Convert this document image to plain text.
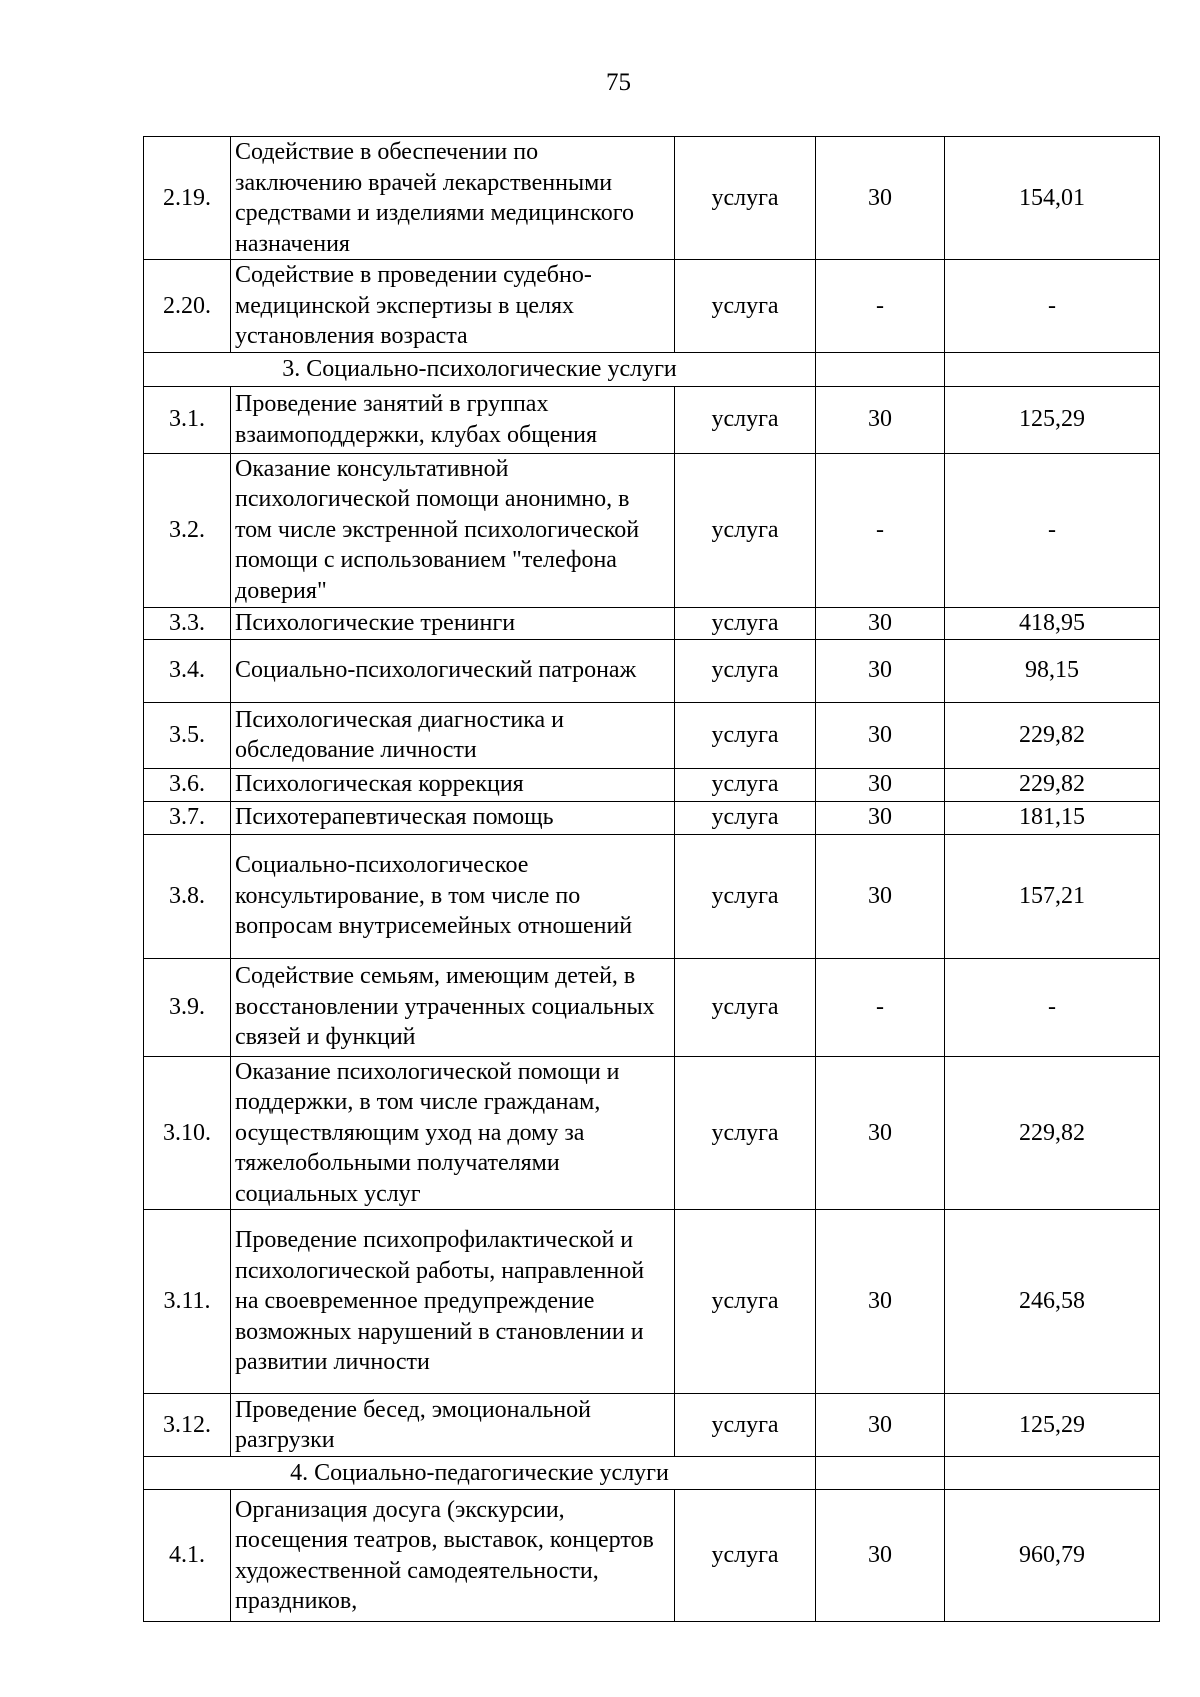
75
2.19.	Содействие в обеспечении по заключению врачей лекарственными средствами и изделиями медицинского назначения	услуга	30	154,01
2.20.	Содействие в проведении судебно-медицинской экспертизы в целях установления возраста	услуга	-	-
3. Социально-психологические услуги				
3.1.	Проведение занятий в группах взаимоподдержки, клубах общения	услуга	30	125,29
3.2.	Оказание консультативной психологической помощи анонимно, в том числе экстренной психологической помощи с использованием "телефона доверия"	услуга	-	-
3.3.	Психологические тренинги	услуга	30	418,95
3.4.	Социально-психологический патронаж	услуга	30	98,15
3.5.	Психологическая диагностика и обследование личности	услуга	30	229,82
3.6.	Психологическая коррекция	услуга	30	229,82
3.7.	Психотерапевтическая помощь	услуга	30	181,15
3.8.	Социально-психологическое консультирование, в том числе по вопросам внутрисемейных отношений	услуга	30	157,21
3.9.	Содействие семьям, имеющим детей, в восстановлении утраченных социальных связей и функций	услуга	-	-
3.10.	Оказание психологической помощи и поддержки, в том числе гражданам, осуществляющим уход на дому за тяжелобольными получателями социальных услуг	услуга	30	229,82
3.11.	Проведение психопрофилактической и психологической работы, направленной на своевременное предупреждение возможных нарушений в становлении и развитии личности	услуга	30	246,58
3.12.	Проведение бесед, эмоциональной разгрузки	услуга	30	125,29
4. Социально-педагогические услуги				
4.1.	Организация досуга (экскурсии, посещения театров, выставок, концертов художественной самодеятельности, праздников,	услуга	30	960,79
